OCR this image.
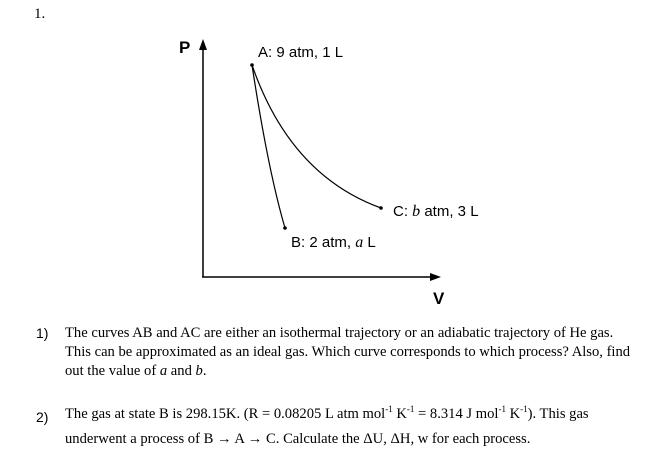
1.
P
V
A: 9 atm, 1 L
C: b atm, 3 L
B: 2 atm, a L
1) The curves AB and AC are either an isothermal trajectory or an adiabatic trajectory of He gas. This can be approximated as an ideal gas. Which curve corresponds to which process? Also, find out the value of a and b.
2) The gas at state B is 298.15K. (R = 0.08205 L atm mol$^{-1}$ $K^{-1} = 8.314$ J mol$^{-1}$ $K^{-1}$). This gas underwent a process of B → A → C. Calculate the ΔU, ΔH, w for each process.
